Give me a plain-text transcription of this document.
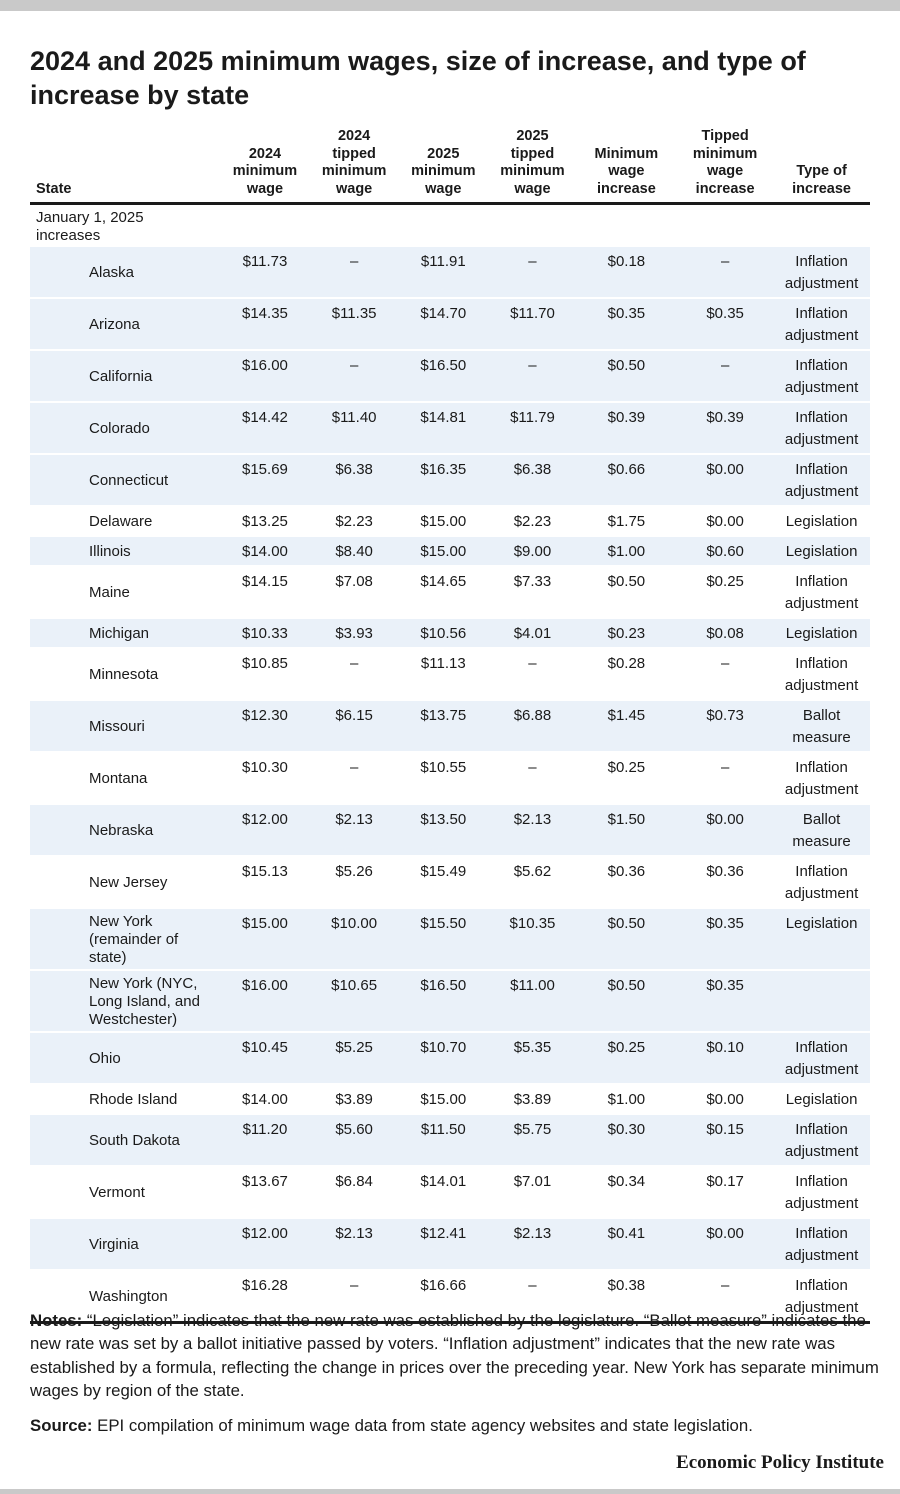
2024 and 2025 minimum wages, size of increase, and type of increase by state
State	2024 minimum wage	2024 tipped minimum wage	2025 minimum wage	2025 tipped minimum wage	Minimum wage increase	Tipped minimum wage increase	Type of increase

January 1, 2025 increases							

Alaska	$11.73	–	$11.91	–	$0.18	–	Inflation adjustment

Arizona	$14.35	$11.35	$14.70	$11.70	$0.35	$0.35	Inflation adjustment

California	$16.00	–	$16.50	–	$0.50	–	Inflation adjustment

Colorado	$14.42	$11.40	$14.81	$11.79	$0.39	$0.39	Inflation adjustment

Connecticut	$15.69	$6.38	$16.35	$6.38	$0.66	$0.00	Inflation adjustment

Delaware	$13.25	$2.23	$15.00	$2.23	$1.75	$0.00	Legislation

Illinois	$14.00	$8.40	$15.00	$9.00	$1.00	$0.60	Legislation

Maine	$14.15	$7.08	$14.65	$7.33	$0.50	$0.25	Inflation adjustment

Michigan	$10.33	$3.93	$10.56	$4.01	$0.23	$0.08	Legislation

Minnesota	$10.85	–	$11.13	–	$0.28	–	Inflation adjustment

Missouri	$12.30	$6.15	$13.75	$6.88	$1.45	$0.73	Ballot measure

Montana	$10.30	–	$10.55	–	$0.25	–	Inflation adjustment

Nebraska	$12.00	$2.13	$13.50	$2.13	$1.50	$0.00	Ballot measure

New Jersey	$15.13	$5.26	$15.49	$5.62	$0.36	$0.36	Inflation adjustment

New York (remainder of state)	$15.00	$10.00	$15.50	$10.35	$0.50	$0.35	Legislation

New York (NYC, Long Island, and Westchester)	$16.00	$10.65	$16.50	$11.00	$0.50	$0.35	

Ohio	$10.45	$5.25	$10.70	$5.35	$0.25	$0.10	Inflation adjustment

Rhode Island	$14.00	$3.89	$15.00	$3.89	$1.00	$0.00	Legislation

South Dakota	$11.20	$5.60	$11.50	$5.75	$0.30	$0.15	Inflation adjustment

Vermont	$13.67	$6.84	$14.01	$7.01	$0.34	$0.17	Inflation adjustment

Virginia	$12.00	$2.13	$12.41	$2.13	$0.41	$0.00	Inflation adjustment

Washington	$16.28	–	$16.66	–	$0.38	–	Inflation adjustment
Notes: “Legislation” indicates that the new rate was established by the legislature. “Ballot measure” indicates the new rate was set by a ballot initiative passed by voters. “Inflation adjustment” indicates that the new rate was established by a formula, reflecting the change in prices over the preceding year. New York has separate minimum wages by region of the state.
Source: EPI compilation of minimum wage data from state agency websites and state legislation.
Economic Policy Institute
